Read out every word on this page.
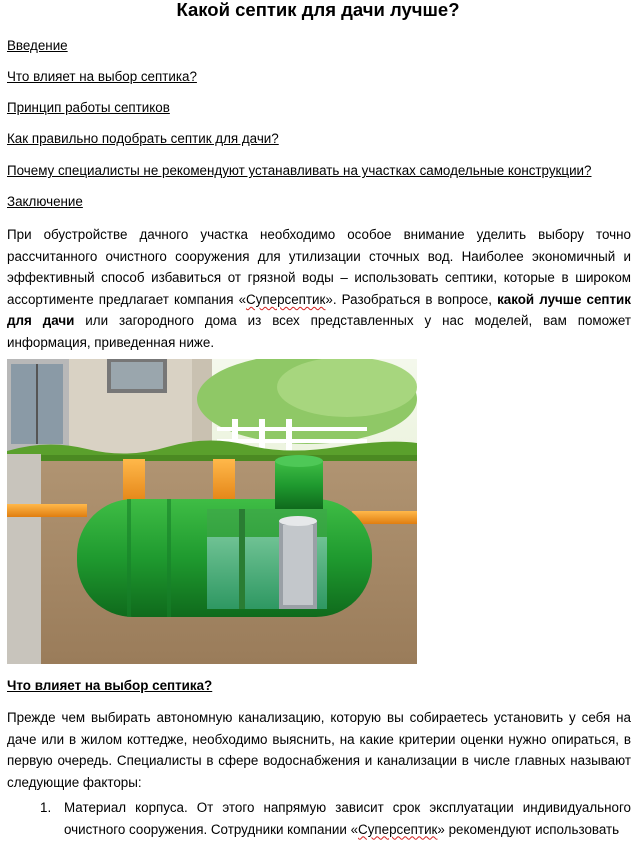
Какой септик для дачи лучше?
Введение
Что влияет на выбор септика?
Принцип работы септиков
Как правильно подобрать септик для дачи?
Почему специалисты не рекомендуют устанавливать на участках самодельные конструкции?
Заключение
При обустройстве дачного участка необходимо особое внимание уделить выбору точно рассчитанного очистного сооружения для утилизации сточных вод. Наиболее экономичный и эффективный способ избавиться от грязной воды – использовать септики, которые в широком ассортименте предлагает компания «Суперсептик». Разобраться в вопросе, какой лучше септик для дачи или загородного дома из всех представленных у нас моделей, вам поможет информация, приведенная ниже.
Что влияет на выбор септика?
Прежде чем выбирать автономную канализацию, которую вы собираетесь установить у себя на даче или в жилом коттедже, необходимо выяснить, на какие критерии оценки нужно опираться, в первую очередь. Специалисты в сфере водоснабжения и канализации в числе главных называют следующие факторы:
1. Материал корпуса. От этого напрямую зависит срок эксплуатации индивидуального очистного сооружения. Сотрудники компании «Суперсептик» рекомендуют использовать
